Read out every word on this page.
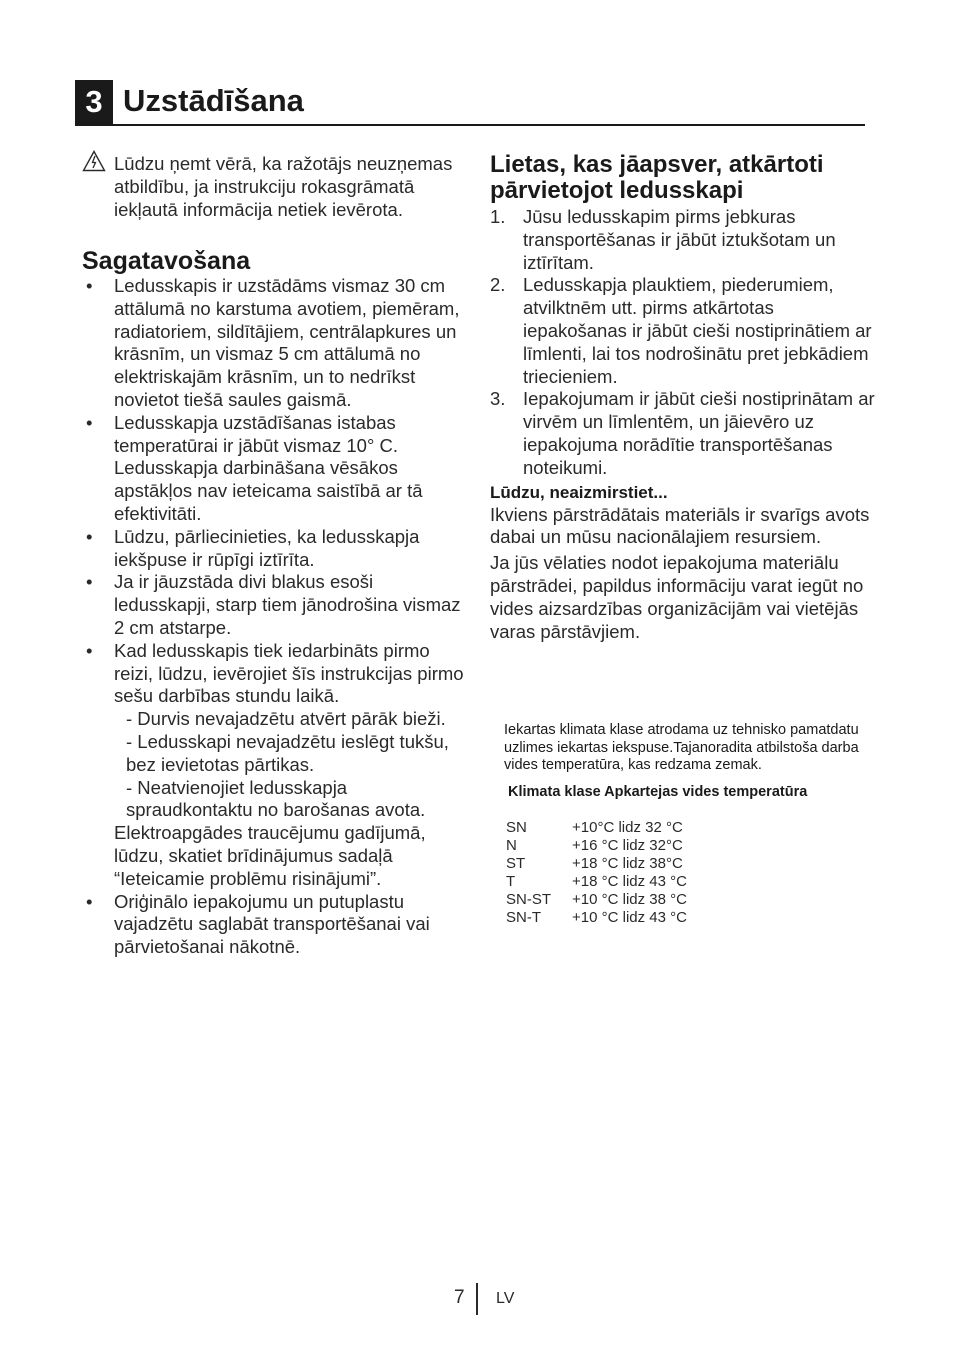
3 Uzstādīšana

Lūdzu ņemt vērā, ka ražotājs neuzņemas atbildību, ja instrukciju rokasgrāmatā iekļautā informācija netiek ievērota.

Sagatavošana
• Ledusskapis ir uzstādāms vismaz 30 cm attālumā no karstuma avotiem, piemēram, radiatoriem, sildītājiem, centrālapkures un krāsnīm, un vismaz 5 cm attālumā no elektriskajām krāsnīm, un to nedrīkst novietot tiešā saules gaismā.
• Ledusskapja uzstādīšanas istabas temperatūrai ir jābūt vismaz 10° C. Ledusskapja darbināšana vēsākos apstākļos nav ieteicama saistībā ar tā efektivitāti.
• Lūdzu, pārliecinieties, ka ledusskapja iekšpuse ir rūpīgi iztīrīta.
• Ja ir jāuzstāda divi blakus esoši ledusskapji, starp tiem jānodrošina vismaz 2 cm atstarpe.
• Kad ledusskapis tiek iedarbināts pirmo reizi, lūdzu, ievērojiet šīs instrukcijas pirmo sešu darbības stundu laikā.
- Durvis nevajadzētu atvērt pārāk bieži.
- Ledusskapi nevajadzētu ieslēgt tukšu, bez ievietotas pārtikas.
- Neatvienojiet ledusskapja spraudkontaktu no barošanas avota.
Elektroapgādes traucējumu gadījumā, lūdzu, skatiet brīdinājumus sadaļā “Ieteicamie problēmu risinājumi”.
• Oriģinālo iepakojumu un putuplastu vajadzētu saglabāt transportēšanai vai pārvietošanai nākotnē.
Lietas, kas jāapsver, atkārtoti pārvietojot ledusskapi
1. Jūsu ledusskapim pirms jebkuras transportēšanas ir jābūt iztukšotam un iztīrītam.
2. Ledusskapja plauktiem, piederumiem, atvilktnēm utt. pirms atkārtotas iepakošanas ir jābūt cieši nostiprinātiem ar līmlenti, lai tos nodrošinātu pret jebkādiem triecieniem.
3. Iepakojumam ir jābūt cieši nostiprinātam ar virvēm un līmlentēm, un jāievēro uz iepakojuma norādītie transportēšanas noteikumi.

Lūdzu, neaizmirstiet...

Ikviens pārstrādātais materiāls ir svarīgs avots dabai un mūsu nacionālajiem resursiem.

Ja jūs vēlaties nodot iepakojuma materiālu pārstrādei, papildus informāciju varat iegūt no vides aizsardzības organizācijām vai vietējās varas pārstāvjiem.

Iekartas klimata klase atrodama uz tehnisko pamatdatu uzlimes iekartas iekspuse.Tajanoradita atbilstoša darba vides temperatūra, kas redzama zemak.

Klimata klase Apkartejas vides temperatūra
SN	+10°C lidz 32 °C
N	+16 °C lidz 32°C
ST	+18 °C lidz 38°C
T	+18 °C lidz 43 °C
SN-ST	+10 °C lidz 38 °C
SN-T	+10 °C lidz 43 °C
7 LV
